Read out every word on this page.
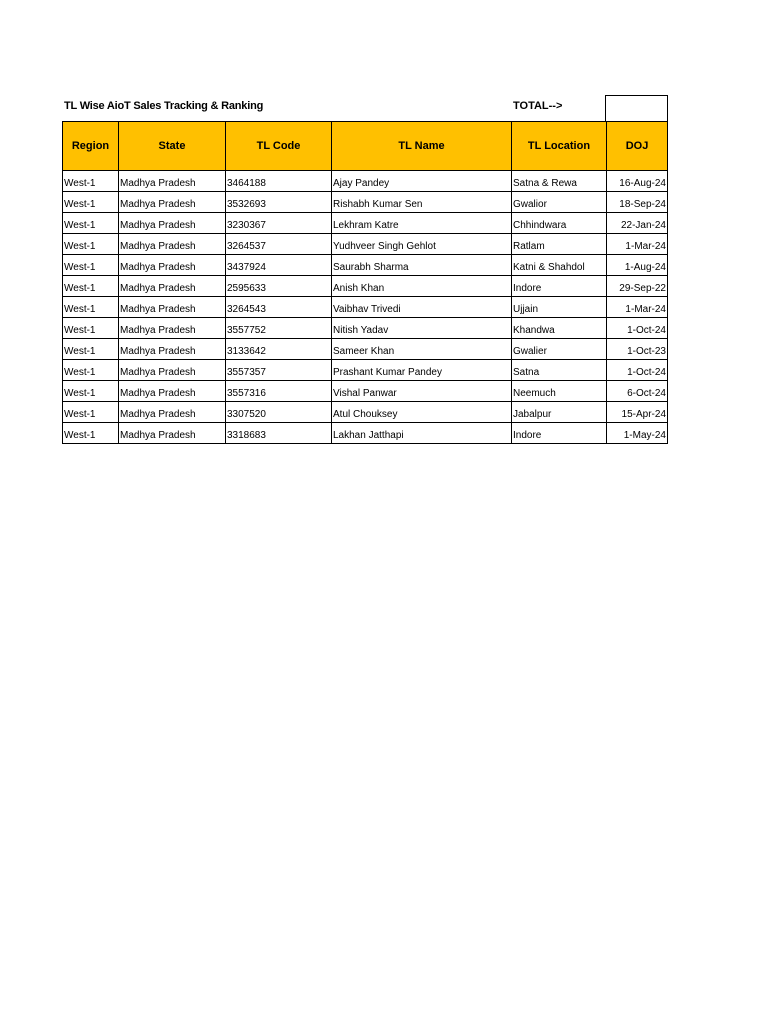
TL Wise AioT Sales Tracking & Ranking	TOTAL-->
Region	State	TL Code	TL Name	TL Location	DOJ
West-1	Madhya Pradesh	3464188	Ajay Pandey	Satna & Rewa	16-Aug-24
West-1	Madhya Pradesh	3532693	Rishabh Kumar Sen	Gwalior	18-Sep-24
West-1	Madhya Pradesh	3230367	Lekhram Katre	Chhindwara	22-Jan-24
West-1	Madhya Pradesh	3264537	Yudhveer Singh Gehlot	Ratlam	1-Mar-24
West-1	Madhya Pradesh	3437924	Saurabh Sharma	Katni & Shahdol	1-Aug-24
West-1	Madhya Pradesh	2595633	Anish Khan	Indore	29-Sep-22
West-1	Madhya Pradesh	3264543	Vaibhav Trivedi	Ujjain	1-Mar-24
West-1	Madhya Pradesh	3557752	Nitish Yadav	Khandwa	1-Oct-24
West-1	Madhya Pradesh	3133642	Sameer Khan	Gwalier	1-Oct-23
West-1	Madhya Pradesh	3557357	Prashant Kumar Pandey	Satna	1-Oct-24
West-1	Madhya Pradesh	3557316	Vishal Panwar	Neemuch	6-Oct-24
West-1	Madhya Pradesh	3307520	Atul Chouksey	Jabalpur	15-Apr-24
West-1	Madhya Pradesh	3318683	Lakhan Jatthapi	Indore	1-May-24
